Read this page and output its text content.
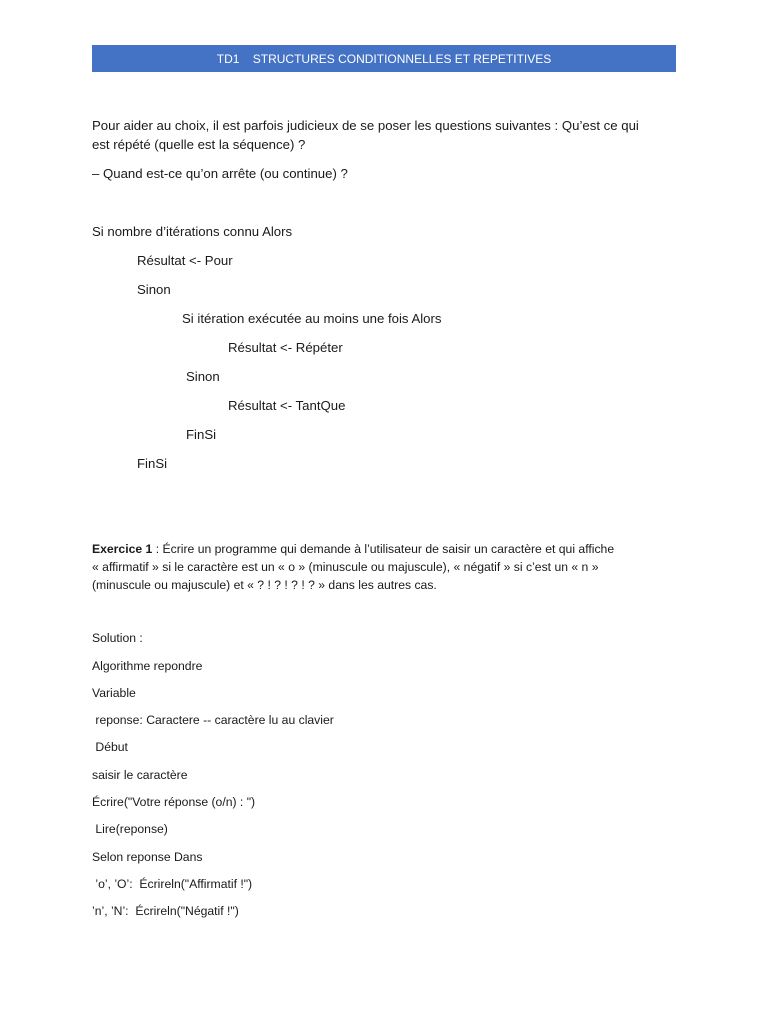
TD1    STRUCTURES CONDITIONNELLES ET REPETITIVES
Pour aider au choix, il est parfois judicieux de se poser les questions suivantes : Qu’est ce qui
est répété (quelle est la séquence) ?
– Quand est-ce qu’on arrête (ou continue) ?
Si nombre d’itérations connu Alors
Résultat <- Pour
Sinon
Si itération exécutée au moins une fois Alors
Résultat <- Répéter
Sinon
Résultat <- TantQue
FinSi
FinSi
Exercice 1 : Écrire un programme qui demande à l’utilisateur de saisir un caractère et qui affiche
« affirmatif » si le caractère est un « o » (minuscule ou majuscule), « négatif » si c’est un « n »
(minuscule ou majuscule) et « ? ! ? ! ? ! ? » dans les autres cas.
Solution :
Algorithme repondre
Variable
reponse: Caractere -- caractère lu au clavier
Début
saisir le caractère
Écrire("Votre réponse (o/n) : ")
Lire(reponse)
Selon reponse Dans
’o’, ’O’:  Écrireln("Affirmatif !")
’n’, ’N’:  Écrireln("Négatif !")
